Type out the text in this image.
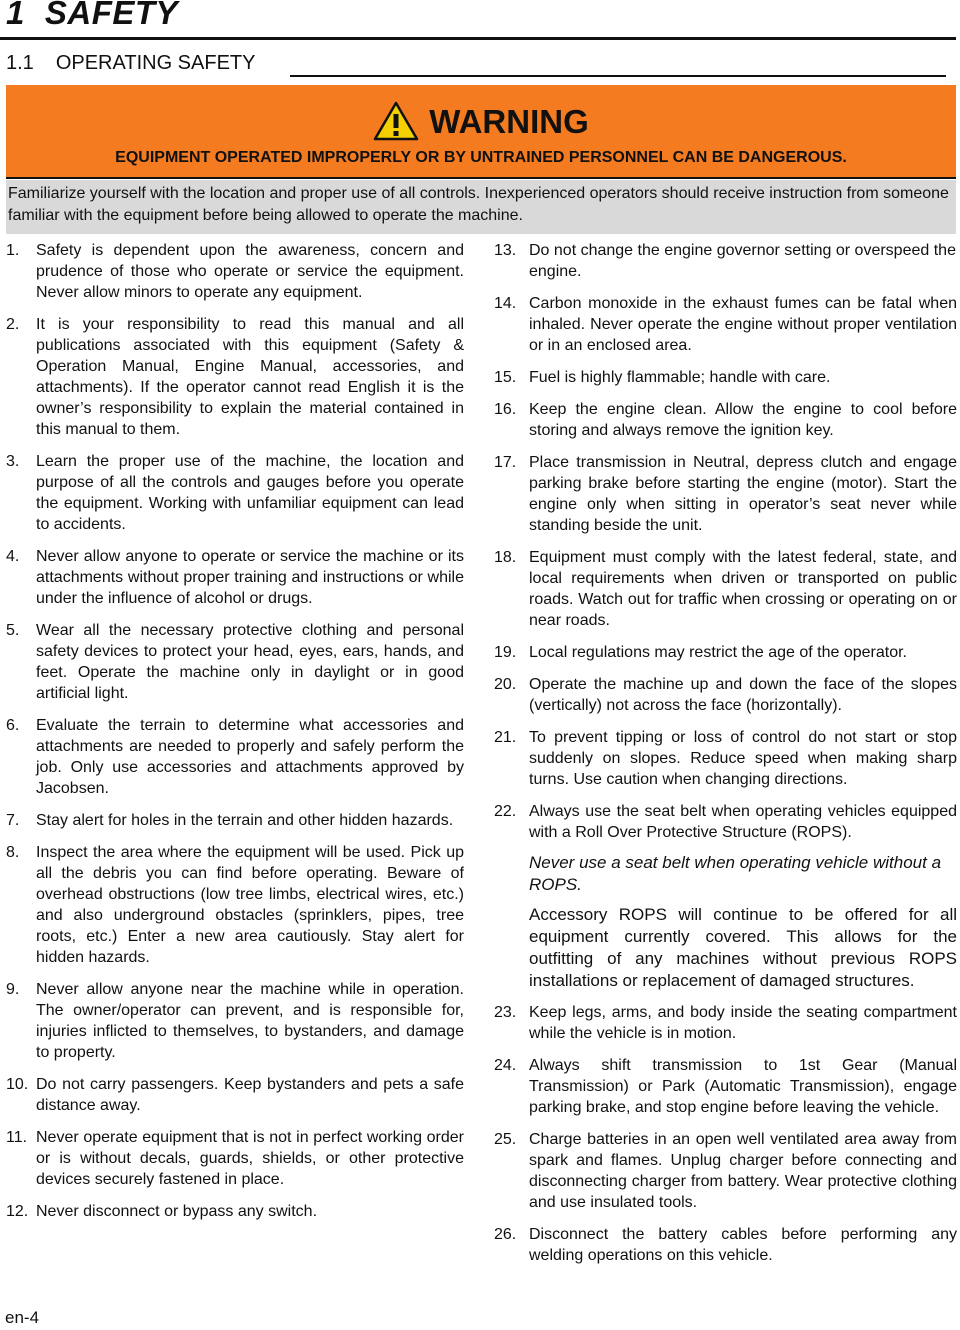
1 SAFETY
1.1 OPERATING SAFETY
WARNING
EQUIPMENT OPERATED IMPROPERLY OR BY UNTRAINED PERSONNEL CAN BE DANGEROUS.
Familiarize yourself with the location and proper use of all controls. Inexperienced operators should receive instruction from someone familiar with the equipment before being allowed to operate the machine.
1.	Safety is dependent upon the awareness, concern and prudence of those who operate or service the equipment. Never allow minors to operate any equipment.
2.	It is your responsibility to read this manual and all publications associated with this equipment (Safety & Operation Manual, Engine Manual, accessories, and attachments). If the operator cannot read English it is the owner’s responsibility to explain the material contained in this manual to them.
3.	Learn the proper use of the machine, the location and purpose of all the controls and gauges before you operate the equipment. Working with unfamiliar equipment can lead to accidents.
4.	Never allow anyone to operate or service the machine or its attachments without proper training and instructions or while under the influence of alcohol or drugs.
5.	Wear all the necessary protective clothing and personal safety devices to protect your head, eyes, ears, hands, and feet. Operate the machine only in daylight or in good artificial light.
6.	Evaluate the terrain to determine what accessories and attachments are needed to properly and safely perform the job. Only use accessories and attachments approved by Jacobsen.
7.	Stay alert for holes in the terrain and other hidden hazards.
8.	Inspect the area where the equipment will be used. Pick up all the debris you can find before operating. Beware of overhead obstructions (low tree limbs, electrical wires, etc.) and also underground obstacles (sprinklers, pipes, tree roots, etc.) Enter a new area cautiously. Stay alert for hidden hazards.
9.	Never allow anyone near the machine while in operation. The owner/operator can prevent, and is responsible for, injuries inflicted to themselves, to bystanders, and damage to property.
10. Do not carry passengers. Keep bystanders and pets a safe distance away.
11. Never operate equipment that is not in perfect working order or is without decals, guards, shields, or other protective devices securely fastened in place.
12. Never disconnect or bypass any switch.
13. Do not change the engine governor setting or overspeed the engine.
14. Carbon monoxide in the exhaust fumes can be fatal when inhaled. Never operate the engine without proper ventilation or in an enclosed area.
15. Fuel is highly flammable; handle with care.
16. Keep the engine clean. Allow the engine to cool before storing and always remove the ignition key.
17. Place transmission in Neutral, depress clutch and engage parking brake before starting the engine (motor). Start the engine only when sitting in operator’s seat never while standing beside the unit.
18. Equipment must comply with the latest federal, state, and local requirements when driven or transported on public roads. Watch out for traffic when crossing or operating on or near roads.
19. Local regulations may restrict the age of the operator.
20. Operate the machine up and down the face of the slopes (vertically) not across the face (horizontally).
21. To prevent tipping or loss of control do not start or stop suddenly on slopes. Reduce speed when making sharp turns. Use caution when changing directions.
22. Always use the seat belt when operating vehicles equipped with a Roll Over Protective Structure (ROPS).
Never use a seat belt when operating vehicle without a ROPS.
Accessory ROPS will continue to be offered for all equipment currently covered. This allows for the outfitting of any machines without previous ROPS installations or replacement of damaged structures.
23. Keep legs, arms, and body inside the seating compartment while the vehicle is in motion.
24. Always shift transmission to 1st Gear (Manual Transmission) or Park (Automatic Transmission), engage parking brake, and stop engine before leaving the vehicle.
25. Charge batteries in an open well ventilated area away from spark and flames. Unplug charger before connecting and disconnecting charger from battery. Wear protective clothing and use insulated tools.
26. Disconnect the battery cables before performing any welding operations on this vehicle.
en-4
